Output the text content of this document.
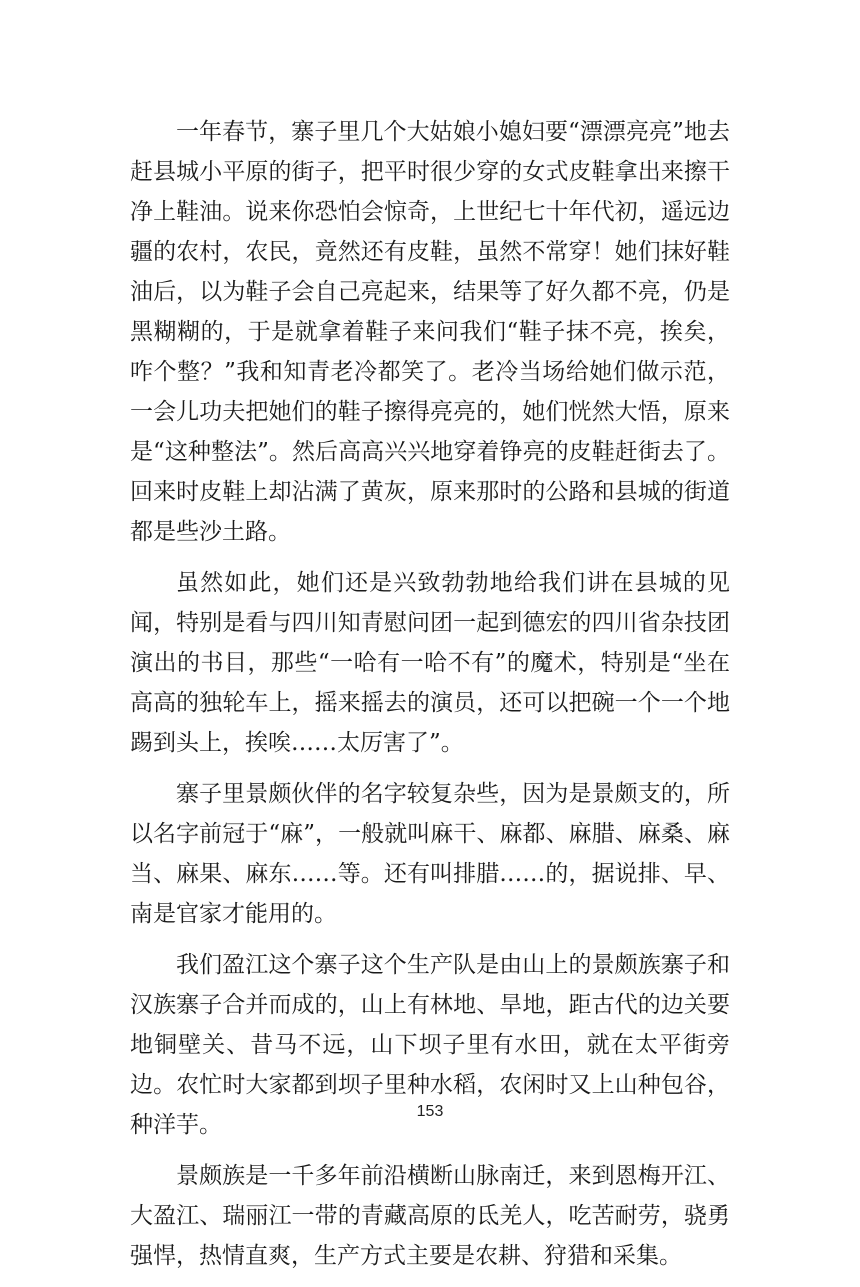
一年春节，寨子里几个大姑娘小媳妇要“漂漂亮亮”地去赶县城小平原的街子，把平时很少穿的女式皮鞋拿出来擦干净上鞋油。说来你恐怕会惊奇，上世纪七十年代初，遥远边疆的农村，农民，竟然还有皮鞋，虽然不常穿！她们抹好鞋油后，以为鞋子会自己亮起来，结果等了好久都不亮，仍是黑糊糊的，于是就拿着鞋子来问我们“鞋子抹不亮，挨矣，咋个整？”我和知青老冷都笑了。老冷当场给她们做示范，一会儿功夫把她们的鞋子擦得亮亮的，她们恍然大悟，原来是“这种整法”。然后高高兴兴地穿着铮亮的皮鞋赶街去了。回来时皮鞋上却沾满了黄灰，原来那时的公路和县城的街道都是些沙土路。

虽然如此，她们还是兴致勃勃地给我们讲在县城的见闻，特别是看与四川知青慰问团一起到德宏的四川省杂技团演出的书目，那些“一哈有一哈不有”的魔术，特别是“坐在高高的独轮车上，摇来摇去的演员，还可以把碗一个一个地踢到头上，挨唉……太厉害了”。

寨子里景颇伙伴的名字较复杂些，因为是景颇支的，所以名字前冠于“麻”，一般就叫麻干、麻都、麻腊、麻桑、麻当、麻果、麻东……等。还有叫排腊……的，据说排、早、南是官家才能用的。

我们盈江这个寨子这个生产队是由山上的景颇族寨子和汉族寨子合并而成的，山上有林地、旱地，距古代的边关要地铜壁关、昔马不远，山下坝子里有水田，就在太平街旁边。农忙时大家都到坝子里种水稻，农闲时又上山种包谷，种洋芋。

景颇族是一千多年前沿横断山脉南迁，来到恩梅开江、大盈江、瑞丽江一带的青藏高原的氐羌人，吃苦耐劳，骁勇强悍，热情直爽，生产方式主要是农耕、狩猎和采集。

153
